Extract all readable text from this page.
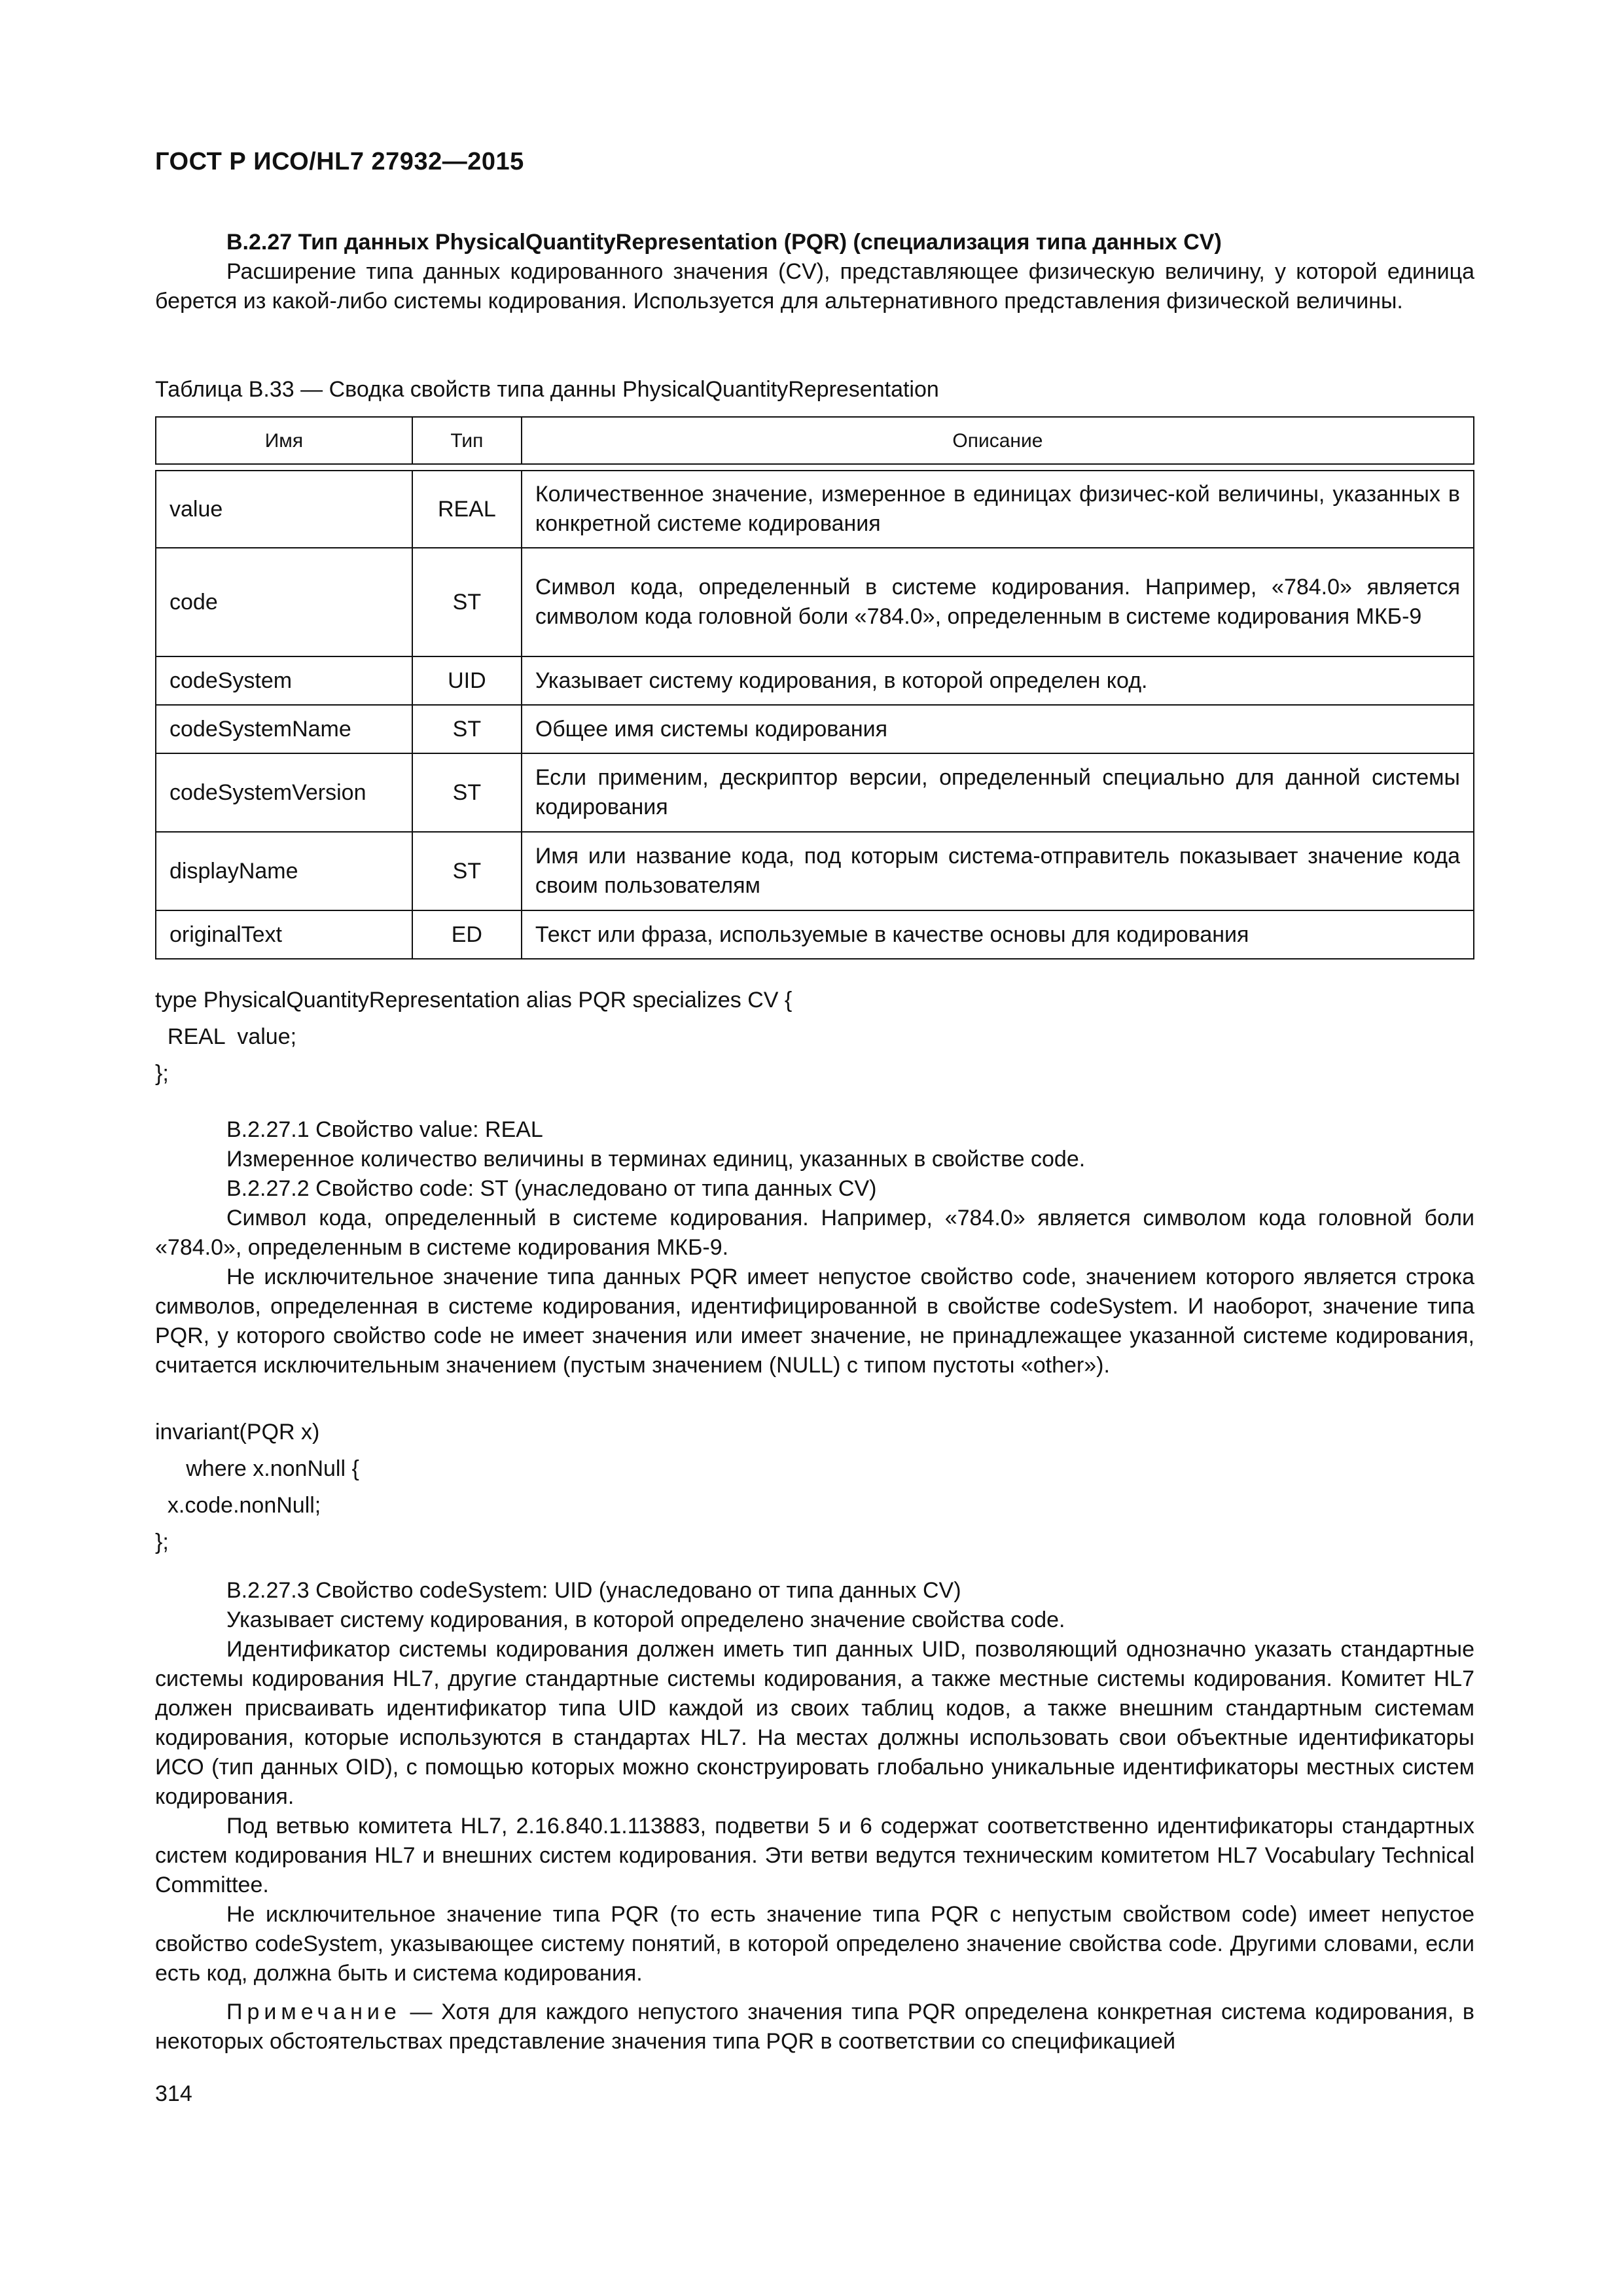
ГОСТ Р ИСО/HL7 27932—2015

В.2.27 Тип данных PhysicalQuantityRepresentation (PQR) (специализация типа данных CV)

Расширение типа данных кодированного значения (CV), представляющее физическую величину, у которой единица берется из какой-либо системы кодирования. Используется для альтернативного представления физической величины.

Таблица В.33 — Сводка свойств типа данны PhysicalQuantityRepresentation
Имя	Тип	Описание

value	REAL	Количественное значение, измеренное в единицах физичес-кой величины, указанных в конкретной системе кодирования
code	ST	Символ кода, определенный в системе кодирования. Например, «784.0» является символом кода головной боли «784.0», определенным в системе кодирования МКБ-9
codeSystem	UID	Указывает систему кодирования, в которой определен код.
codeSystemName	ST	Общее имя системы кодирования
codeSystemVersion	ST	Если применим, дескриптор версии, определенный специально для данной системы кодирования
displayName	ST	Имя или название кода, под которым система-отправитель показывает значение кода своим пользователям
originalText	ED	Текст или фраза, используемые в качестве основы для кодирования
type PhysicalQuantityRepresentation alias PQR specializes CV {
REAL  value;
};

В.2.27.1 Свойство value: REAL

Измеренное количество величины в терминах единиц, указанных в свойстве code.

В.2.27.2 Свойство code: ST (унаследовано от типа данных CV)

Символ кода, определенный в системе кодирования. Например, «784.0» является символом кода головной боли «784.0», определенным в системе кодирования МКБ-9.

Не исключительное значение типа данных PQR имеет непустое свойство code, значением которого является строка символов, определенная в системе кодирования, идентифицированной в свойстве codeSystem. И наоборот, значение типа PQR, у которого свойство code не имеет значения или имеет значение, не принадлежащее указанной системе кодирования, считается исключительным значением (пустым значением (NULL) с типом пустоты «other»).

invariant(PQR x)
where x.nonNull {
x.code.nonNull;
};

В.2.27.3 Свойство codeSystem: UID (унаследовано от типа данных CV)

Указывает систему кодирования, в которой определено значение свойства code.

Идентификатор системы кодирования должен иметь тип данных UID, позволяющий однозначно указать стандартные системы кодирования HL7, другие стандартные системы кодирования, а также местные системы кодирования. Комитет HL7 должен присваивать идентификатор типа UID каждой из своих таблиц кодов, а также внешним стандартным системам кодирования, которые используются в стандартах HL7. На местах должны использовать свои объектные идентификаторы ИСО (тип данных OID), с помощью которых можно сконструировать глобально уникальные идентификаторы местных систем кодирования.

Под ветвью комитета HL7, 2.16.840.1.113883, подветви 5 и 6 содержат соответственно идентификаторы стандартных систем кодирования HL7 и внешних систем кодирования. Эти ветви ведутся техническим комитетом HL7 Vocabulary Technical Committee.

Не исключительное значение типа PQR (то есть значение типа PQR с непустым свойством code) имеет непустое свойство codeSystem, указывающее систему понятий, в которой определено значение свойства code. Другими словами, если есть код, должна быть и система кодирования.

Примечание — Хотя для каждого непустого значения типа PQR определена конкретная система кодирования, в некоторых обстоятельствах представление значения типа PQR в соответствии со спецификацией

314
